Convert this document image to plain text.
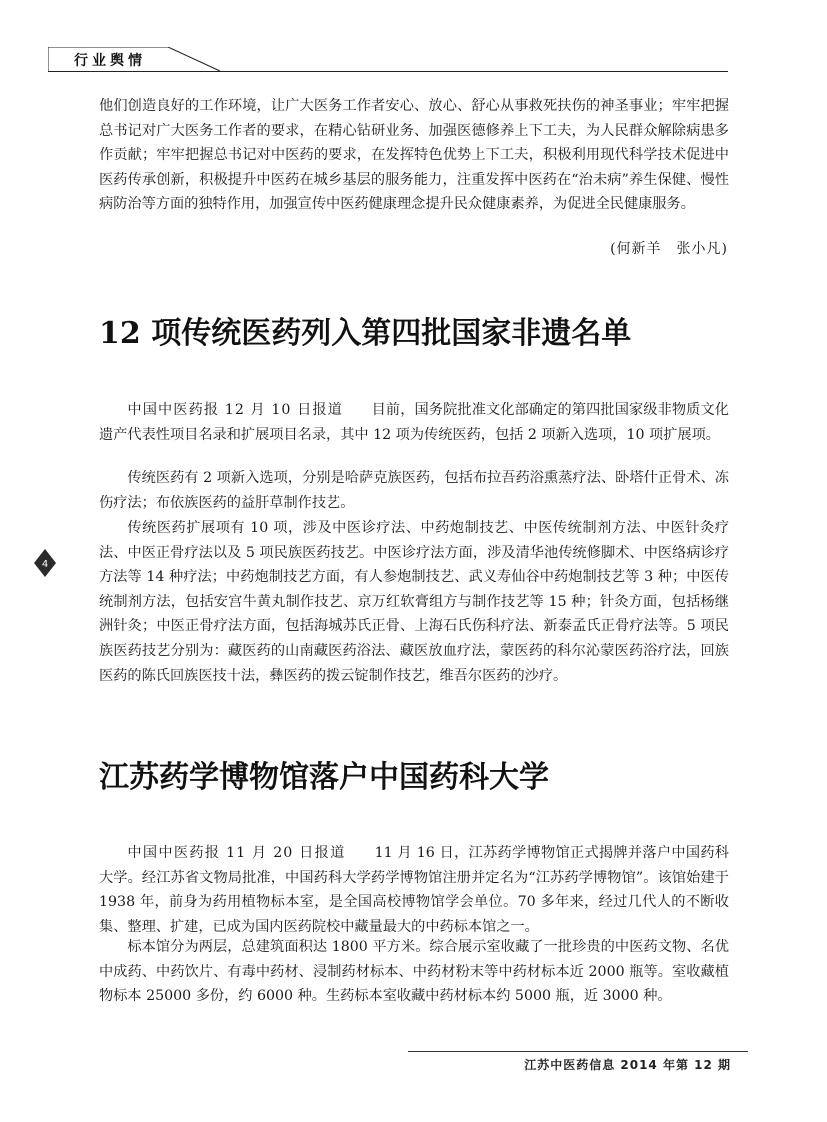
行业舆情
4

他们创造良好的工作环境，让广大医务工作者安心、放心、舒心从事救死扶伤的神圣事业；牢牢把握总书记对广大医务工作者的要求，在精心钻研业务、加强医德修养上下工夫，为人民群众解除病患多作贡献；牢牢把握总书记对中医药的要求，在发挥特色优势上下工夫，积极利用现代科学技术促进中医药传承创新，积极提升中医药在城乡基层的服务能力，注重发挥中医药在“治未病”养生保健、慢性病防治等方面的独特作用，加强宣传中医药健康理念提升民众健康素养，为促进全民健康服务。

(何新羊　张小凡)
12 项传统医药列入第四批国家非遗名单

中国中医药报 12 月 10 日报道　　 目前，国务院批准文化部确定的第四批国家级非物质文化遗产代表性项目名录和扩展项目名录，其中 12 项为传统医药，包括 2 项新入选项，10 项扩展项。

传统医药有 2 项新入选项，分别是哈萨克族医药，包括布拉吾药浴熏蒸疗法、卧塔什正骨术、冻伤疗法；布依族医药的益肝草制作技艺。

传统医药扩展项有 10 项，涉及中医诊疗法、中药炮制技艺、中医传统制剂方法、中医针灸疗法、中医正骨疗法以及 5 项民族医药技艺。中医诊疗法方面，涉及清华池传统修脚术、中医络病诊疗方法等 14 种疗法；中药炮制技艺方面，有人参炮制技艺、武义寿仙谷中药炮制技艺等 3 种；中医传统制剂方法，包括安宫牛黄丸制作技艺、京万红软膏组方与制作技艺等 15 种；针灸方面，包括杨继洲针灸；中医正骨疗法方面，包括海城苏氏正骨、上海石氏伤科疗法、新泰孟氏正骨疗法等。5 项民族医药技艺分别为：藏医药的山南藏医药浴法、藏医放血疗法，蒙医药的科尔沁蒙医药浴疗法，回族医药的陈氏回族医技十法，彝医药的拨云锭制作技艺，维吾尔医药的沙疗。

江苏药学博物馆落户中国药科大学

中国中医药报 11 月 20 日报道　　 11 月 16 日，江苏药学博物馆正式揭牌并落户中国药科大学。经江苏省文物局批准，中国药科大学药学博物馆注册并定名为“江苏药学博物馆”。该馆始建于 1938 年，前身为药用植物标本室，是全国高校博物馆学会单位。70 多年来，经过几代人的不断收集、整理、扩建，已成为国内医药院校中藏量最大的中药标本馆之一。

标本馆分为两层，总建筑面积达 1800 平方米。综合展示室收藏了一批珍贵的中医药文物、名优中成药、中药饮片、有毒中药材、浸制药材标本、中药材粉末等中药材标本近 2000 瓶等。室收藏植物标本 25000 多份，约 6000 种。生药标本室收藏中药材标本约 5000 瓶，近 3000 种。

江苏中医药信息 2014 年第 12 期
